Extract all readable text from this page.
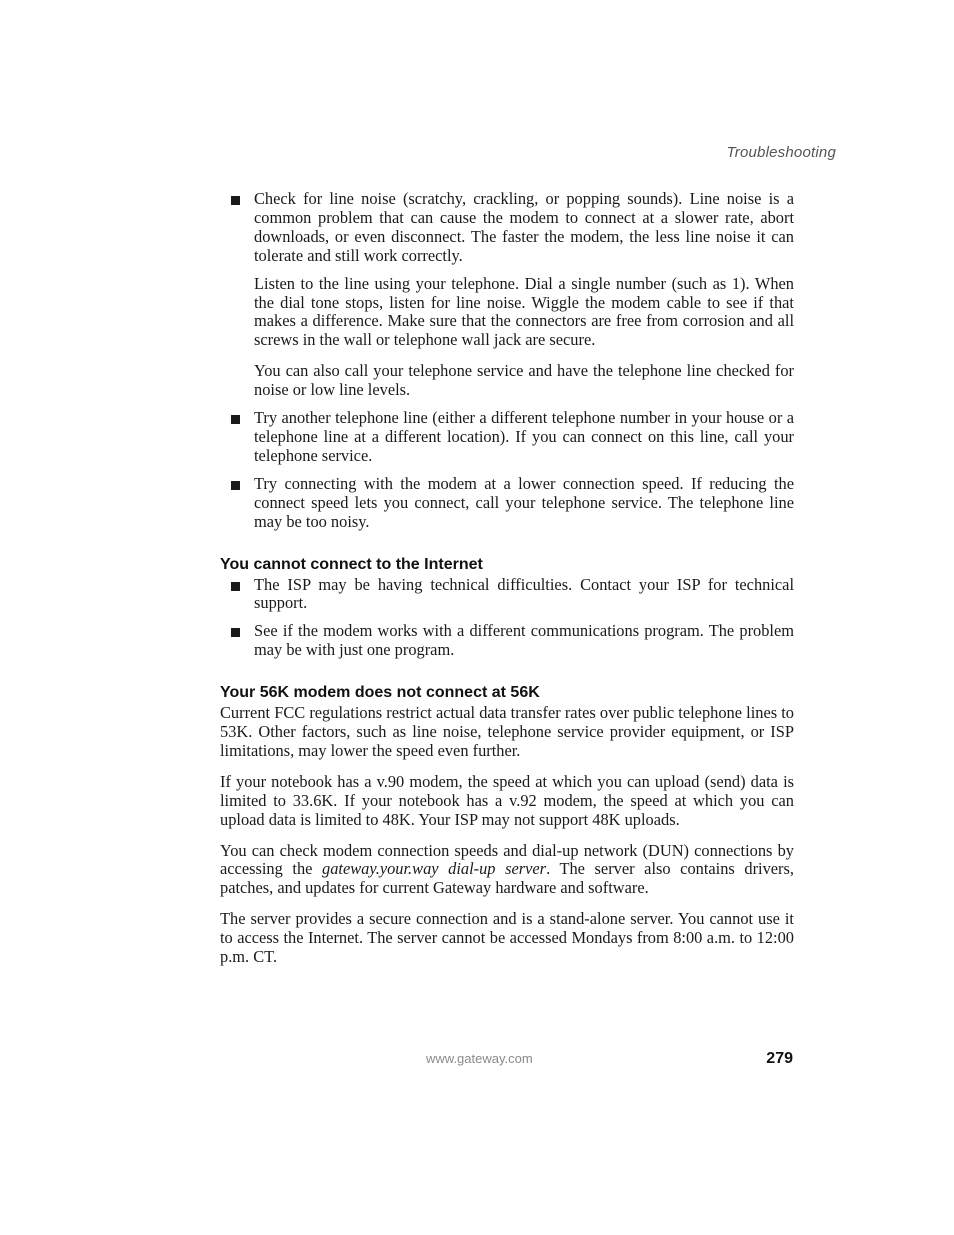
Troubleshooting

Check for line noise (scratchy, crackling, or popping sounds). Line noise is a common problem that can cause the modem to connect at a slower rate, abort downloads, or even disconnect. The faster the modem, the less line noise it can tolerate and still work correctly.

Listen to the line using your telephone. Dial a single number (such as 1). When the dial tone stops, listen for line noise. Wiggle the modem cable to see if that makes a difference. Make sure that the connectors are free from corrosion and all screws in the wall or telephone wall jack are secure.

You can also call your telephone service and have the telephone line checked for noise or low line levels.

Try another telephone line (either a different telephone number in your house or a telephone line at a different location). If you can connect on this line, call your telephone service.

Try connecting with the modem at a lower connection speed. If reducing the connect speed lets you connect, call your telephone service. The telephone line may be too noisy.

You cannot connect to the Internet

The ISP may be having technical difficulties. Contact your ISP for technical support.

See if the modem works with a different communications program. The problem may be with just one program.

Your 56K modem does not connect at 56K

Current FCC regulations restrict actual data transfer rates over public telephone lines to 53K. Other factors, such as line noise, telephone service provider equipment, or ISP limitations, may lower the speed even further.

If your notebook has a v.90 modem, the speed at which you can upload (send) data is limited to 33.6K. If your notebook has a v.92 modem, the speed at which you can upload data is limited to 48K. Your ISP may not support 48K uploads.

You can check modem connection speeds and dial-up network (DUN) connections by accessing the gateway.your.way dial-up server. The server also contains drivers, patches, and updates for current Gateway hardware and software.

The server provides a secure connection and is a stand-alone server. You cannot use it to access the Internet. The server cannot be accessed Mondays from 8:00 a.m. to 12:00 p.m. CT.

www.gateway.com	279
